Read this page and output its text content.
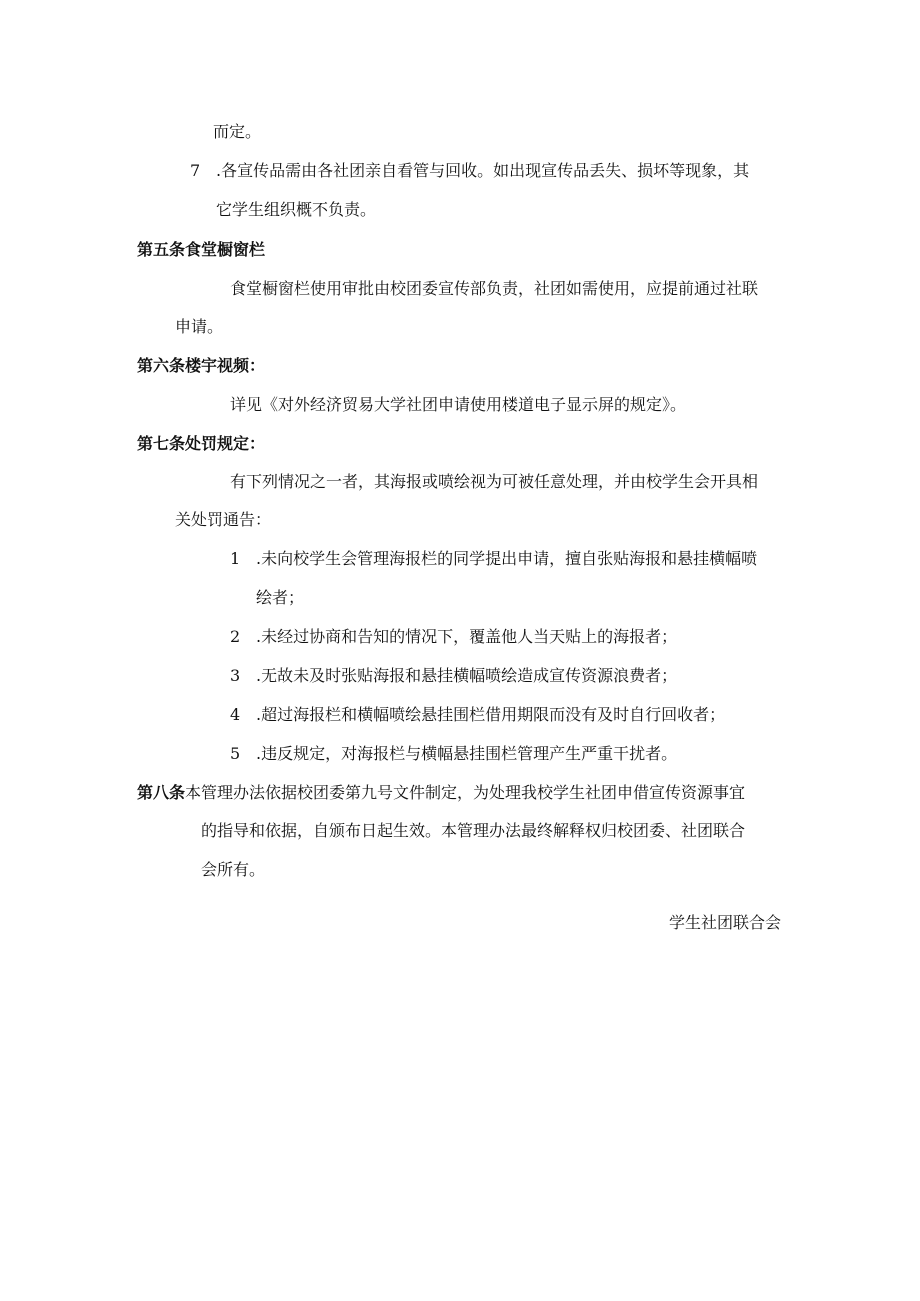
而定。
7 .各宣传品需由各社团亲自看管与回收。如出现宣传品丢失、损坏等现象，其
它学生组织概不负责。
第五条食堂橱窗栏
食堂橱窗栏使用审批由校团委宣传部负责，社团如需使用，应提前通过社联
申请。
第六条楼宇视频：
详见《对外经济贸易大学社团申请使用楼道电子显示屏的规定》。
第七条处罚规定：
有下列情况之一者，其海报或喷绘视为可被任意处理，并由校学生会开具相
关处罚通告：
1 .未向校学生会管理海报栏的同学提出申请，擅自张贴海报和悬挂横幅喷
绘者；
2 .未经过协商和告知的情况下，覆盖他人当天贴上的海报者；
3 .无故未及时张贴海报和悬挂横幅喷绘造成宣传资源浪费者；
4 .超过海报栏和横幅喷绘悬挂围栏借用期限而没有及时自行回收者；
5 .违反规定，对海报栏与横幅悬挂围栏管理产生严重干扰者。
第八条本管理办法依据校团委第九号文件制定，为处理我校学生社团申借宣传资源事宜
的指导和依据，自颁布日起生效。本管理办法最终解释权归校团委、社团联合
会所有。
学生社团联合会
